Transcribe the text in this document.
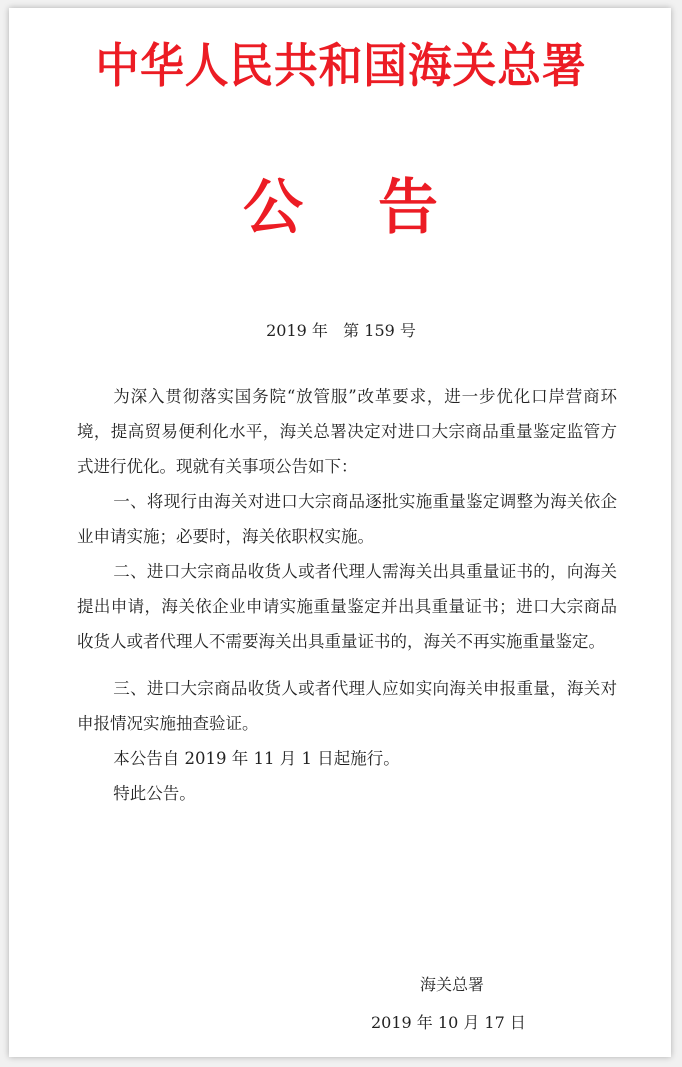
中华人民共和国海关总署
公 告
2019 年   第 159 号

为深入贯彻落实国务院“放管服”改革要求，进一步优化口岸营商环境，提高贸易便利化水平，海关总署决定对进口大宗商品重量鉴定监管方式进行优化。现就有关事项公告如下：

一、将现行由海关对进口大宗商品逐批实施重量鉴定调整为海关依企业申请实施；必要时，海关依职权实施。

二、进口大宗商品收货人或者代理人需海关出具重量证书的，向海关提出申请，海关依企业申请实施重量鉴定并出具重量证书；进口大宗商品收货人或者代理人不需要海关出具重量证书的，海关不再实施重量鉴定。

三、进口大宗商品收货人或者代理人应如实向海关申报重量，海关对申报情况实施抽查验证。

本公告自 2019 年 11 月 1 日起施行。

特此公告。

海关总署
2019 年 10 月 17 日
